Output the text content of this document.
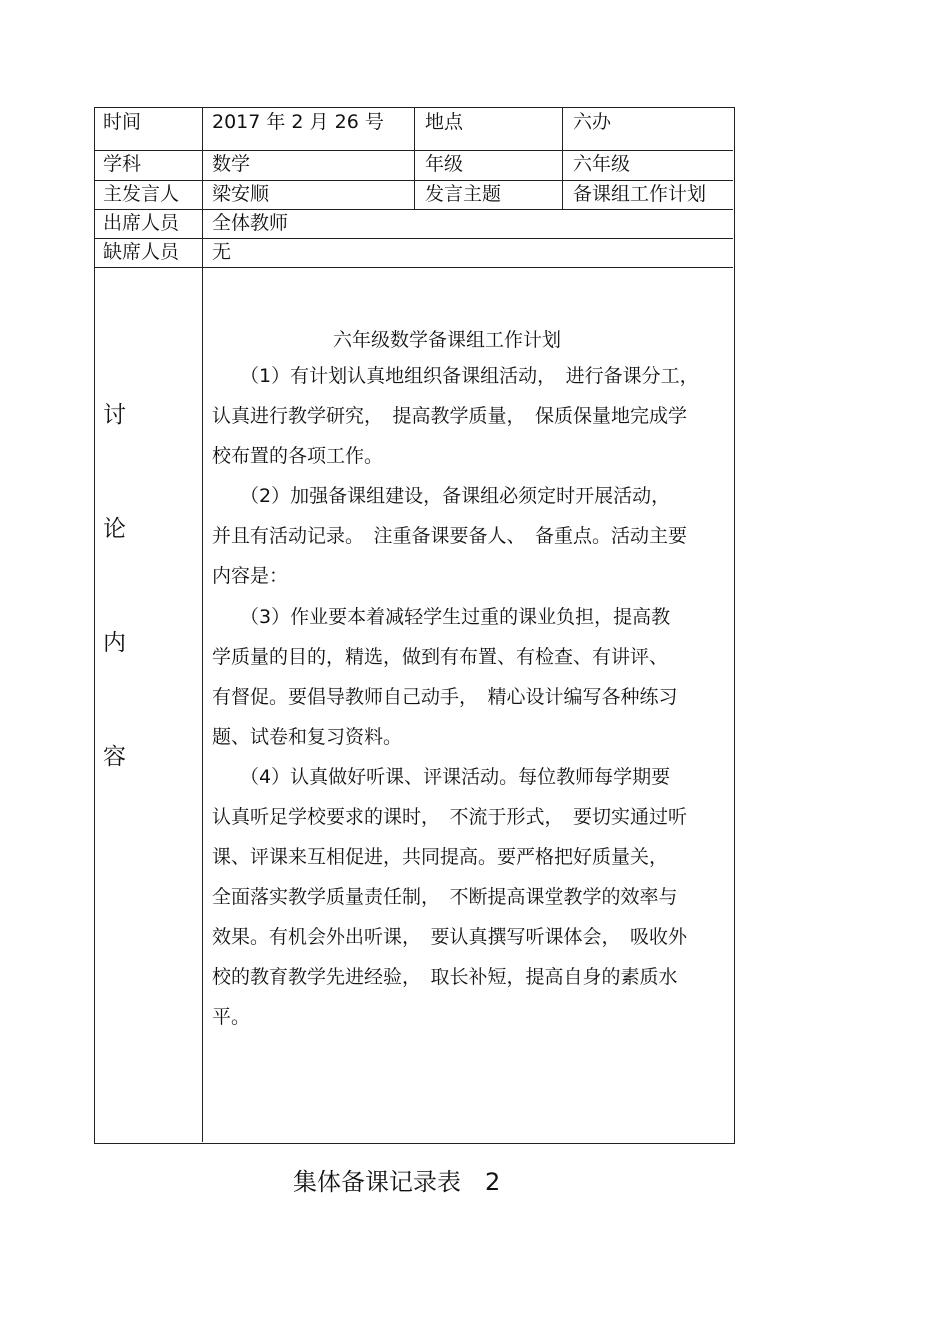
时间	2017 年 2 月 26 号 地点	六办
学科	数学	年级	六年级
主发言人 梁安顺	发言主题	备课组工作计划
出席人员 全体教师
缺席人员 无
讨
论
内
容
六年级数学备课组工作计划
（1）有计划认真地组织备课组活动，　进行备课分工，
认真进行教学研究，　提高教学质量，　保质保量地完成学
校布置的各项工作。
（2）加强备课组建设，备课组必须定时开展活动，
并且有活动记录。　注重备课要备人、　备重点。活动主要
内容是：
（3）作业要本着减轻学生过重的课业负担，提高教
学质量的目的，精选，做到有布置、有检查、有讲评、
有督促。要倡导教师自己动手，　精心设计编写各种练习
题、试卷和复习资料。
（4）认真做好听课、评课活动。每位教师每学期要
认真听足学校要求的课时，　不流于形式，　要切实通过听
课、评课来互相促进，共同提高。要严格把好质量关，
全面落实教学质量责任制，　不断提高课堂教学的效率与
效果。有机会外出听课，　要认真撰写听课体会，　吸收外
校的教育教学先进经验，　取长补短，提高自身的素质水
平。
集体备课记录表　2
